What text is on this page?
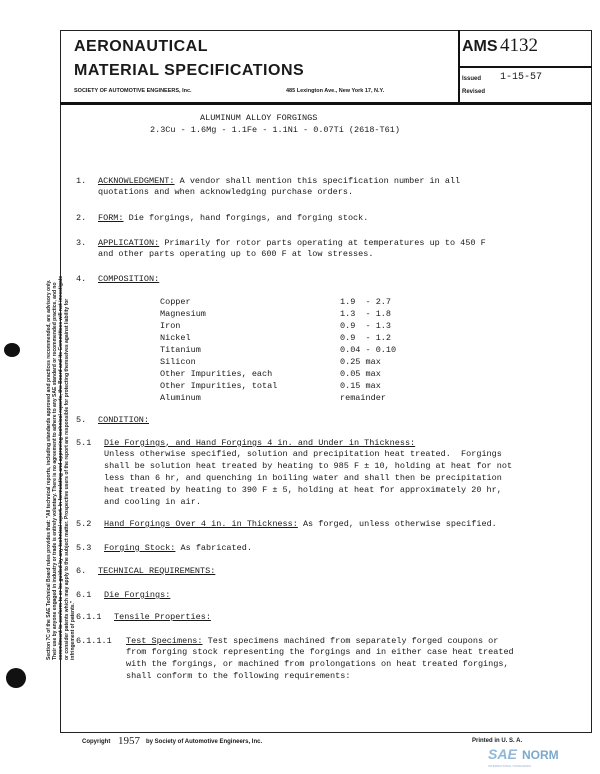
AERONAUTICAL
MATERIAL SPECIFICATIONS
SOCIETY OF AUTOMOTIVE ENGINEERS, Inc.	485 Lexington Ave., New York 17, N.Y.
AMS 4132
Issued 1-15-57
Revised
ALUMINUM ALLOY FORGINGS
2.3Cu - 1.6Mg - 1.1Fe - 1.1Ni - 0.07Ti (2618-T61)
1. ACKNOWLEDGMENT: A vendor shall mention this specification number in all
quotations and when acknowledging purchase orders.
2. FORM: Die forgings, hand forgings, and forging stock.
3. APPLICATION: Primarily for rotor parts operating at temperatures up to 450 F
and other parts operating up to 600 F at low stresses.
4. COMPOSITION:
Copper	1.9  - 2.7
Magnesium	1.3  - 1.8
Iron	0.9  - 1.3
Nickel	0.9  - 1.2
Titanium	0.04 - 0.10
Silicon	0.25 max
Other Impurities, each	0.05 max
Other Impurities, total	0.15 max
Aluminum	remainder
5. CONDITION:
5.1 Die Forgings, and Hand Forgings 4 in. and Under in Thickness:
Unless otherwise specified, solution and precipitation heat treated.  Forgings
shall be solution heat treated by heating to 985 F ± 10, holding at heat for not
less than 6 hr, and quenching in boiling water and shall then be precipitation
heat treated by heating to 390 F ± 5, holding at heat for approximately 20 hr,
and cooling in air.
5.2 Hand Forgings Over 4 in. in Thickness: As forged, unless otherwise specified.
5.3 Forging Stock: As fabricated.
6. TECHNICAL REQUIREMENTS:
6.1 Die Forgings:
6.1.1 Tensile Properties:
6.1.1.1 Test Specimens: Test specimens machined from separately forged coupons or
from forging stock representing the forgings and in either case heat treated
with the forgings, or machined from prolongations on heat treated forgings,
shall conform to the following requirements:
Section 7C of the SAE Technical Board rules provides that: "All technical reports, including standards approved and practices recommended, are advisory only. Their use by anyone engaged in industry or trade is entirely voluntary. There is no agreement to adhere to any SAE standard or recommended practice, and no commitment to conform to or be guided by any technical report. In formulating and approving technical reports, the Board and its Committees will not investigate or consider patents which may apply to the subject matter. Prospective users of the report are responsible for protecting themselves against liability for infringement of patents."
Copyright 1957 by Society of Automotive Engineers, Inc.	Printed in U. S. A.
SAE NORM
INTERNATIONAL STANDARDS
